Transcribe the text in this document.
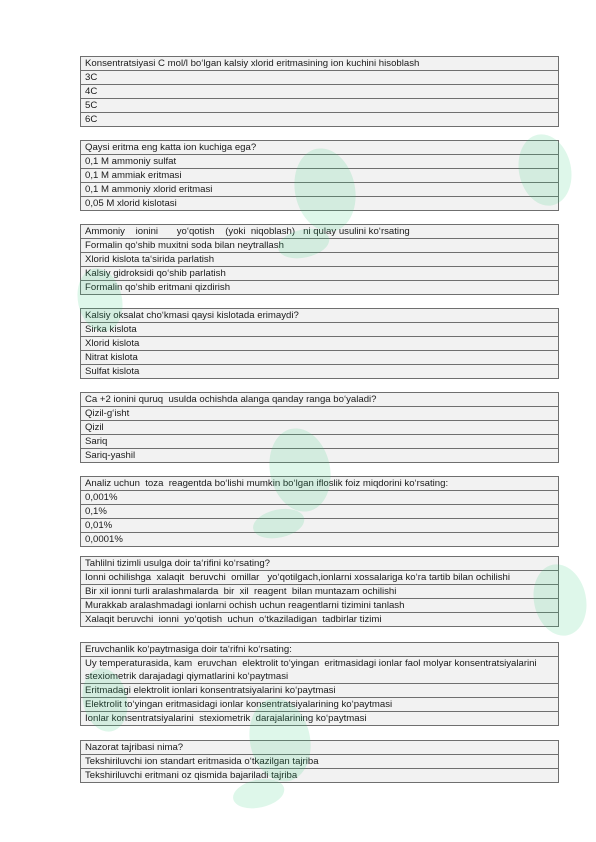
Konsentratsiyasi C mol/l bo‘lgan kalsiy xlorid eritmasining ion kuchini hisoblash
3C
4C
5C
6C
Qaysi eritma eng katta ion kuchiga ega?
0,1 M ammoniy sulfat
0,1 M ammiak eritmasi
0,1 M ammoniy xlorid eritmasi
0,05 M xlorid kislotasi
Ammoniy    ionini       yo‘qotish    (yoki  niqoblash)   ni qulay usulini ko‘rsating
Formalin qo‘shib muxitni soda bilan neytrallash
Xlorid kislota ta‘sirida parlatish
Kalsiy gidroksidi qo‘shib parlatish
Formalin qo‘shib eritmani qizdirish
Kalsiy oksalat cho‘kmasi qaysi kislotada erimaydi?
Sirka kislota
Xlorid kislota
Nitrat kislota
Sulfat kislota
Ca +2 ionini quruq  usulda ochishda alanga qanday ranga bo‘yaladi?
Qizil-g‘isht
Qizil
Sariq
Sariq-yashil
Analiz uchun  toza  reagentda bo‘lishi mumkin bo‘lgan ifloslik foiz miqdorini ko‘rsating:
0,001%
0,1%
0,01%
0,0001%
Tahlilni tizimli usulga doir ta‘rifini ko‘rsating?
Ionni ochilishga  xalaqit  beruvchi  omillar   yo‘qotilgach,ionlarni xossalariga ko‘ra tartib bilan ochilishi
Bir xil ionni turli aralashmalarda  bir  xil  reagent  bilan muntazam ochilishi
Murakkab aralashmadagi ionlarni ochish uchun reagentlarni tizimini tanlash
Xalaqit beruvchi  ionni  yo‘qotish  uchun  o‘tkaziladigan  tadbirlar tizimi
Eruvchanlik ko‘paytmasiga doir ta‘rifni ko‘rsating:
Uy temperaturasida, kam  eruvchan  elektrolit to‘yingan  eritmasidagi ionlar faol molyar konsentratsiyalarini  stexiometrik darajadagi qiymatlarini ko‘paytmasi
Eritmadagi elektrolit ionlari konsentratsiyalarini ko‘paytmasi
Elektrolit to‘yingan eritmasidagi ionlar konsentratsiyalarining ko‘paytmasi
Ionlar konsentratsiyalarini  stexiometrik  darajalarining ko‘paytmasi
Nazorat tajribasi nima?
Tekshiriluvchi ion standart eritmasida o‘tkazilgan tajriba
Tekshiriluvchi eritmani oz qismida bajariladi tajriba
